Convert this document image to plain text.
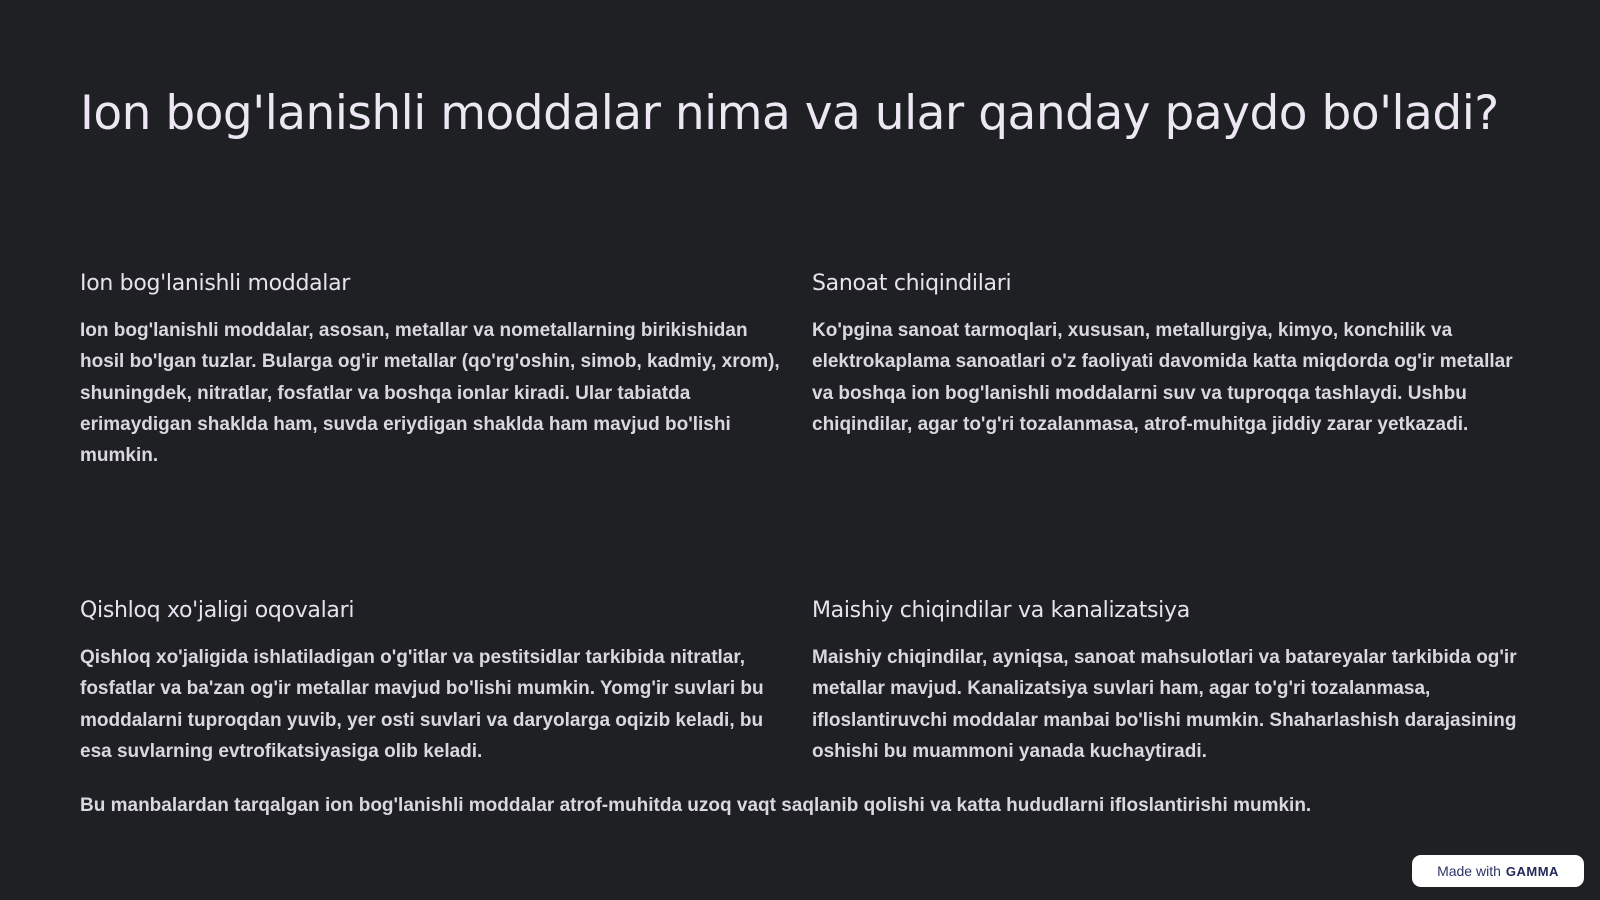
Ion bog'lanishli moddalar nima va ular qanday paydo bo'ladi?
Ion bog'lanishli moddalar

Ion bog'lanishli moddalar, asosan, metallar va nometallarning birikishidan hosil bo'lgan tuzlar. Bularga og'ir metallar (qo'rg'oshin, simob, kadmiy, xrom), shuningdek, nitratlar, fosfatlar va boshqa ionlar kiradi. Ular tabiatda erimaydigan shaklda ham, suvda eriydigan shaklda ham mavjud bo'lishi mumkin.

Sanoat chiqindilari

Ko'pgina sanoat tarmoqlari, xususan, metallurgiya, kimyo, konchilik va elektrokaplama sanoatlari o'z faoliyati davomida katta miqdorda og'ir metallar va boshqa ion bog'lanishli moddalarni suv va tuproqqa tashlaydi. Ushbu chiqindilar, agar to'g'ri tozalanmasa, atrof-muhitga jiddiy zarar yetkazadi.

Qishloq xo'jaligi oqovalari

Qishloq xo'jaligida ishlatiladigan o'g'itlar va pestitsidlar tarkibida nitratlar, fosfatlar va ba'zan og'ir metallar mavjud bo'lishi mumkin. Yomg'ir suvlari bu moddalarni tuproqdan yuvib, yer osti suvlari va daryolarga oqizib keladi, bu esa suvlarning evtrofikatsiyasiga olib keladi.

Maishiy chiqindilar va kanalizatsiya

Maishiy chiqindilar, ayniqsa, sanoat mahsulotlari va batareyalar tarkibida og'ir metallar mavjud. Kanalizatsiya suvlari ham, agar to'g'ri tozalanmasa, ifloslantiruvchi moddalar manbai bo'lishi mumkin. Shaharlashish darajasining oshishi bu muammoni yanada kuchaytiradi.

Bu manbalardan tarqalgan ion bog'lanishli moddalar atrof-muhitda uzoq vaqt saqlanib qolishi va katta hududlarni ifloslantirishi mumkin.

Made with GAMMA
